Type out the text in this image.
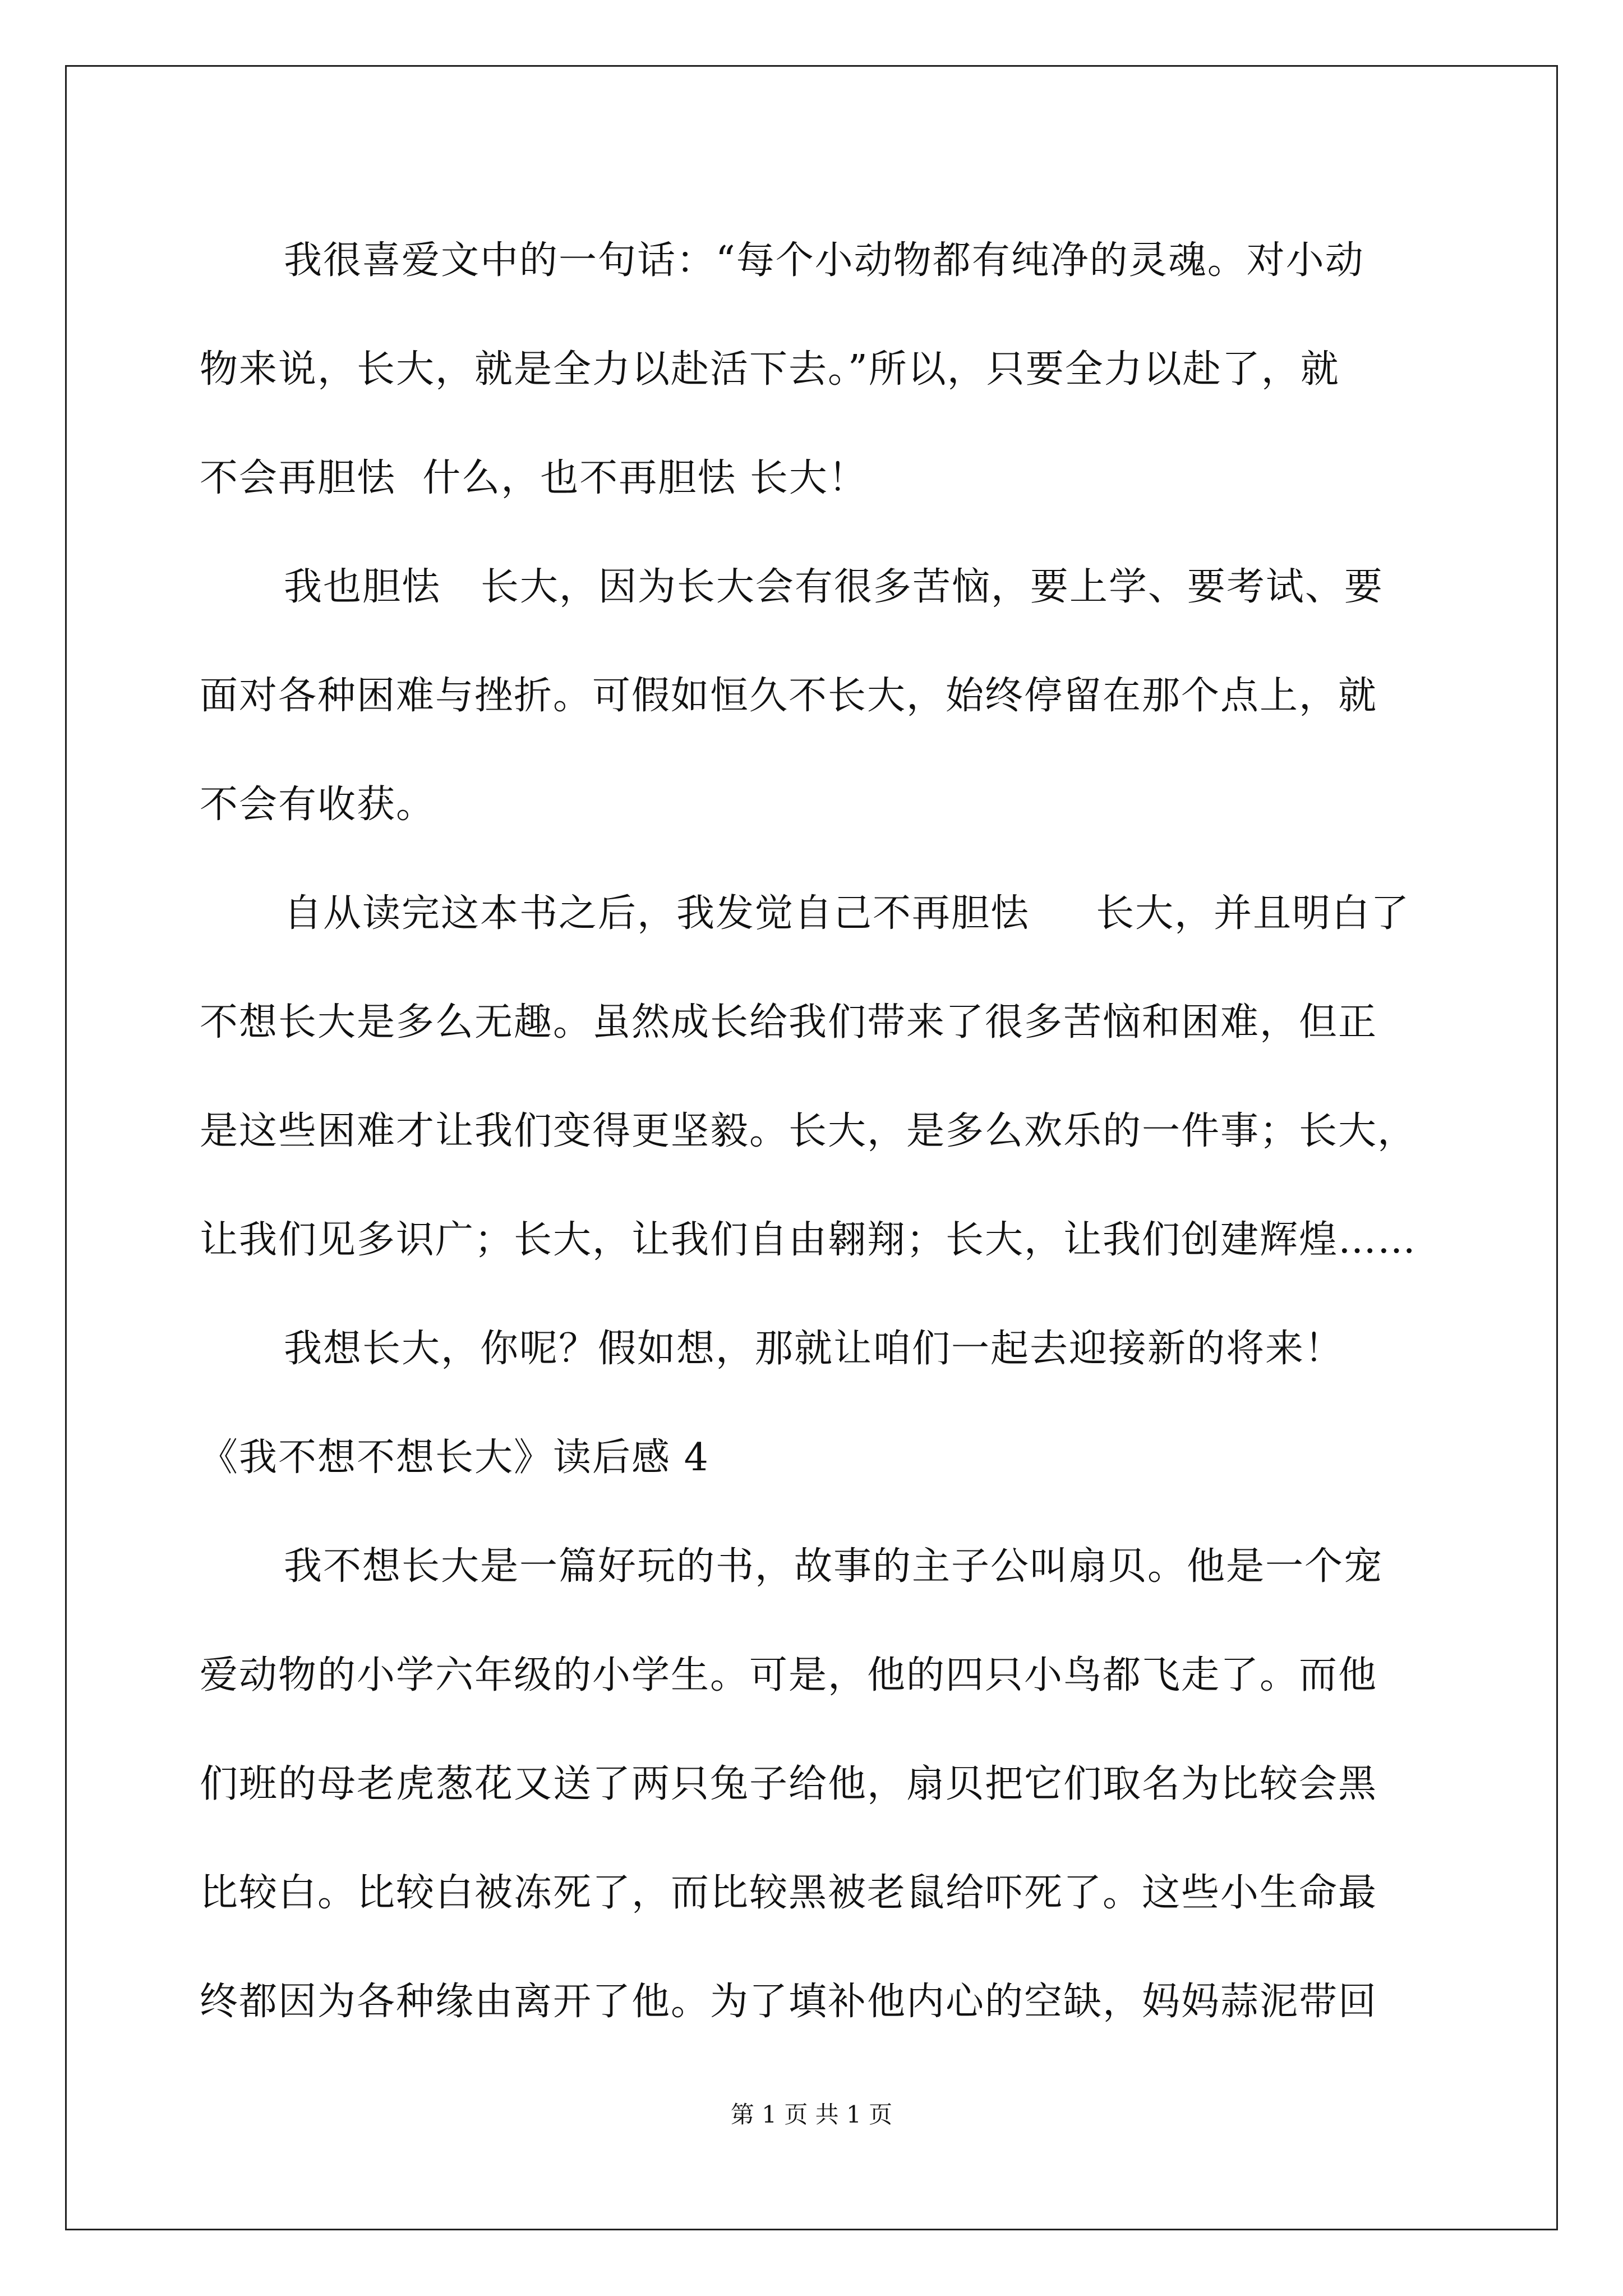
我很喜爱文中的一句话：“每个小动物都有纯净的灵魂。对小动
物来说，长大，就是全力以赴活下去。”所以，只要全力以赴了，就
不会再胆怯  什么，也不再胆怯 长大！
我也胆怯   长大，因为长大会有很多苦恼，要上学、要考试、要
面对各种困难与挫折。可假如恒久不长大，始终停留在那个点上，就
不会有收获。
自从读完这本书之后，我发觉自己不再胆怯     长大，并且明白了
不想长大是多么无趣。虽然成长给我们带来了很多苦恼和困难，但正
是这些困难才让我们变得更坚毅。长大，是多么欢乐的一件事；长大，
让我们见多识广；长大，让我们自由翱翔；长大，让我们创建辉煌……
我想长大，你呢？假如想，那就让咱们一起去迎接新的将来！
《我不想不想长大》读后感 4
我不想长大是一篇好玩的书，故事的主子公叫扇贝。他是一个宠
爱动物的小学六年级的小学生。可是，他的四只小鸟都飞走了。而他
们班的母老虎葱花又送了两只兔子给他，扇贝把它们取名为比较会黑
比较白。比较白被冻死了，而比较黑被老鼠给吓死了。这些小生命最
终都因为各种缘由离开了他。为了填补他内心的空缺，妈妈蒜泥带回
第 1 页 共 1 页
